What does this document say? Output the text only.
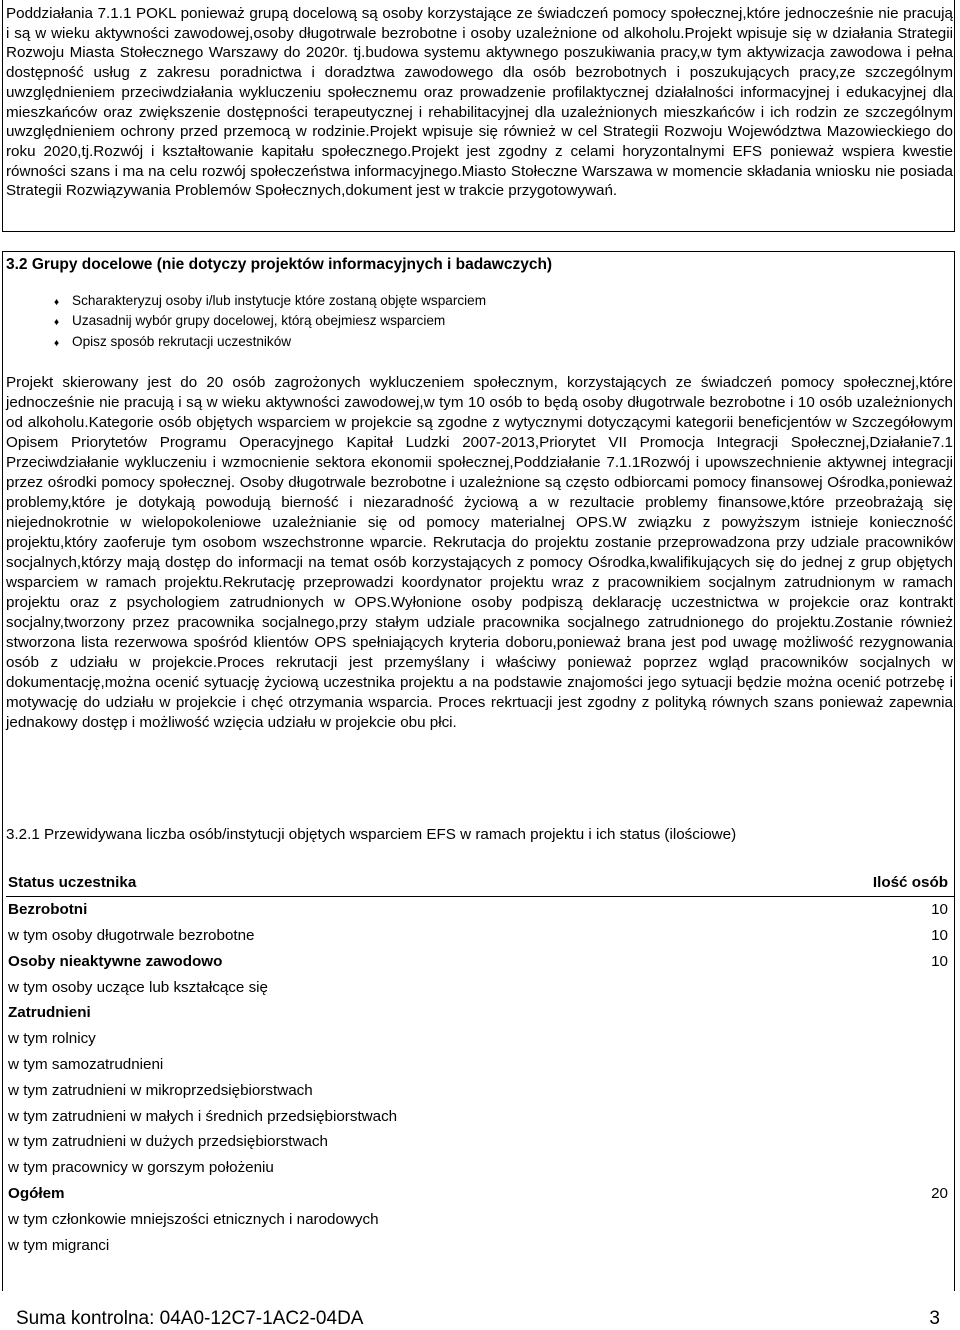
Poddziałania 7.1.1 POKL ponieważ grupą docelową są osoby korzystające ze świadczeń pomocy społecznej,które jednocześnie nie pracują i są w wieku aktywności zawodowej,osoby długotrwale bezrobotne i osoby uzależnione od alkoholu.Projekt wpisuje się w działania Strategii Rozwoju Miasta Stołecznego Warszawy do 2020r. tj.budowa systemu aktywnego poszukiwania pracy,w tym aktywizacja zawodowa i pełna dostępność usług z zakresu poradnictwa i doradztwa zawodowego dla osób bezrobotnych i poszukujących pracy,ze szczególnym uwzględnieniem przeciwdziałania wykluczeniu społecznemu oraz prowadzenie profilaktycznej działalności informacyjnej i edukacyjnej dla mieszkańców oraz zwiększenie dostępności terapeutycznej i rehabilitacyjnej dla uzależnionych mieszkańców i ich rodzin ze szczególnym uwzględnieniem ochrony przed przemocą w rodzinie.Projekt wpisuje się również w cel Strategii Rozwoju Województwa Mazowieckiego do roku 2020,tj.Rozwój i kształtowanie kapitału społecznego.Projekt jest zgodny z celami horyzontalnymi EFS ponieważ wspiera kwestie równości szans i ma na celu rozwój społeczeństwa informacyjnego.Miasto Stołeczne Warszawa w momencie składania wniosku nie posiada Strategii Rozwiązywania Problemów Społecznych,dokument jest w trakcie przygotowywań.

3.2 Grupy docelowe (nie dotyczy projektów informacyjnych i badawczych)
♦ Scharakteryzuj osoby i/lub instytucje które zostaną objęte wsparciem
♦ Uzasadnij wybór grupy docelowej, którą obejmiesz wsparciem
♦ Opisz sposób rekrutacji uczestników

Projekt skierowany jest do 20 osób zagrożonych wykluczeniem społecznym, korzystających ze świadczeń pomocy społecznej,które jednocześnie nie pracują i są w wieku aktywności zawodowej,w tym 10 osób to będą osoby długotrwale bezrobotne i 10 osób uzależnionych od alkoholu.Kategorie osób objętych wsparciem w projekcie są zgodne z wytycznymi dotyczącymi kategorii beneficjentów w Szczegółowym Opisem Priorytetów Programu Operacyjnego Kapitał Ludzki 2007-2013,Priorytet VII Promocja Integracji Społecznej,Działanie7.1 Przeciwdziałanie wykluczeniu i wzmocnienie sektora ekonomii społecznej,Poddziałanie 7.1.1Rozwój i upowszechnienie aktywnej integracji przez ośrodki pomocy społecznej. Osoby długotrwale bezrobotne i uzależnione są często odbiorcami pomocy finansowej Ośrodka,ponieważ problemy,które je dotykają powodują bierność i niezaradność życiową a w rezultacie problemy finansowe,które przeobrażają się niejednokrotnie w wielopokoleniowe uzależnianie się od pomocy materialnej OPS.W związku z powyższym istnieje konieczność projektu,który zaoferuje tym osobom wszechstronne wparcie. Rekrutacja do projektu zostanie przeprowadzona przy udziale pracowników socjalnych,którzy mają dostęp do informacji na temat osób korzystających z pomocy Ośrodka,kwalifikujących się do jednej z grup objętych wsparciem w ramach projektu.Rekrutację przeprowadzi koordynator projektu wraz z pracownikiem socjalnym zatrudnionym w ramach projektu oraz z psychologiem zatrudnionych w OPS.Wyłonione osoby podpiszą deklarację uczestnictwa w projekcie oraz kontrakt socjalny,tworzony przez pracownika socjalnego,przy stałym udziale pracownika socjalnego zatrudnionego do projektu.Zostanie również stworzona lista rezerwowa spośród klientów OPS spełniających kryteria doboru,ponieważ brana jest pod uwagę możliwość rezygnowania osób z udziału w projekcie.Proces rekrutacji jest przemyślany i właściwy ponieważ poprzez wgląd pracowników socjalnych w dokumentację,można ocenić sytuację życiową uczestnika projektu a na podstawie znajomości jego sytuacji będzie można ocenić potrzebę i motywację do udziału w projekcie i chęć otrzymania wsparcia. Proces rekrtuacji jest zgodny z polityką równych szans ponieważ zapewnia jednakowy dostęp i możliwość wzięcia udziału w projekcie obu płci.

3.2.1 Przewidywana liczba osób/instytucji objętych wsparciem EFS w ramach projektu i ich status (ilościowe)

Status uczestnika	Ilość osób
Bezrobotni	10
w tym osoby długotrwale bezrobotne	10
Osoby nieaktywne zawodowo	10
w tym osoby uczące lub kształcące się	
Zatrudnieni	
w tym rolnicy	
w tym samozatrudnieni	
w tym zatrudnieni w mikroprzedsiębiorstwach	
w tym zatrudnieni w małych i średnich przedsiębiorstwach	
w tym zatrudnieni w dużych przedsiębiorstwach	
w tym pracownicy w gorszym położeniu	
Ogółem	20
w tym członkowie mniejszości etnicznych i narodowych	
w tym migranci	
Suma kontrolna: 04A0-12C7-1AC2-04DA	3
